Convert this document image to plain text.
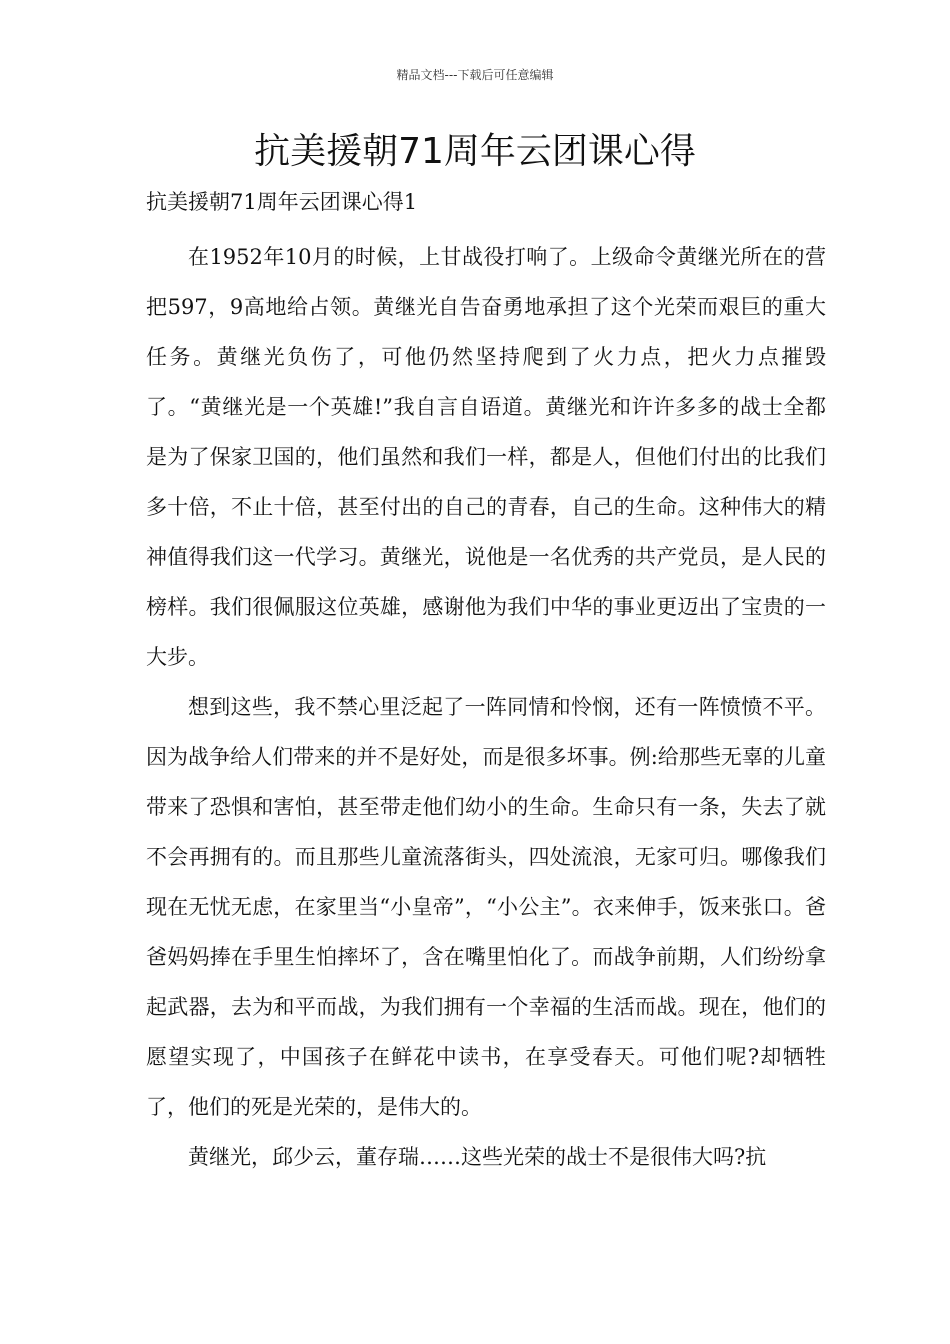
精品文档---下载后可任意编辑
抗美援朝71周年云团课心得
抗美援朝71周年云团课心得1

在1952年10月的时候，上甘战役打响了。上级命令黄继光所在的营把597，9高地给占领。黄继光自告奋勇地承担了这个光荣而艰巨的重大任务。黄继光负伤了，可他仍然坚持爬到了火力点，把火力点摧毁了。“黄继光是一个英雄!”我自言自语道。黄继光和许许多多的战士全都是为了保家卫国的，他们虽然和我们一样，都是人，但他们付出的比我们多十倍，不止十倍，甚至付出的自己的青春，自己的生命。这种伟大的精神值得我们这一代学习。黄继光，说他是一名优秀的共产党员，是人民的榜样。我们很佩服这位英雄，感谢他为我们中华的事业更迈出了宝贵的一大步。

想到这些，我不禁心里泛起了一阵同情和怜悯，还有一阵愤愤不平。因为战争给人们带来的并不是好处，而是很多坏事。例:给那些无辜的儿童带来了恐惧和害怕，甚至带走他们幼小的生命。生命只有一条，失去了就不会再拥有的。而且那些儿童流落街头，四处流浪，无家可归。哪像我们现在无忧无虑，在家里当“小皇帝”，“小公主”。衣来伸手，饭来张口。爸爸妈妈捧在手里生怕摔坏了，含在嘴里怕化了。而战争前期，人们纷纷拿起武器，去为和平而战，为我们拥有一个幸福的生活而战。现在，他们的愿望实现了，中国孩子在鲜花中读书，在享受春天。可他们呢?却牺牲了，他们的死是光荣的，是伟大的。

黄继光，邱少云，董存瑞……这些光荣的战士不是很伟大吗?抗
